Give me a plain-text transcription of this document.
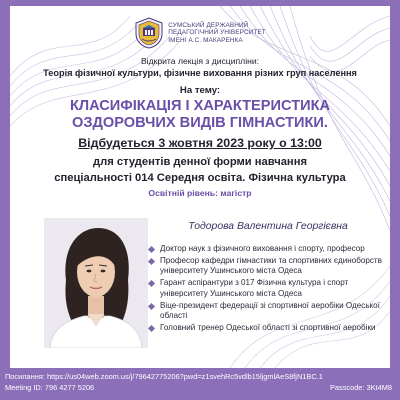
СУМСЬКИЙ ДЕРЖАВНИЙ
ПЕДАГОГІЧНИЙ УНІВЕРСИТЕТ
ІМЕНІ А.С. МАКАРЕНКА
Відкрита лекція з дисципліни:
Теорія фізичної культури, фізичне виховання різних груп населення
На тему:
КЛАСИФІКАЦІЯ І ХАРАКТЕРИСТИКА
ОЗДОРОВЧИХ ВИДІВ ГІМНАСТИКИ.
Відбудеться 3 жовтня 2023 року о 13:00
для студентів денної форми навчання
спеціальності 014 Середня освіта. Фізична культура
Освітній рівень: магістр
Тодорова Валентина Георгієвна
Доктор наук з фізичного виховання і спорту, професор
Професор кафедри гімнастики та спортивних єдиноборств університету Ушинського міста Одеса
Гарант аспірантури з 017 Фізична культура і спорт університету Ушинського міста Одеса
Віце-президент федерації зі спортивної аеробіки Одеської області
Головний тренер Одеської області зі спортивної аеробіки
Посилання: https://us04web.zoom.us/j/79642775206?pwd=z1svehRc5vdlb15ljgmlAeS8fjN1BC.1
Meeting ID: 796 4277 5206	Passcode: 3Kt4M8
